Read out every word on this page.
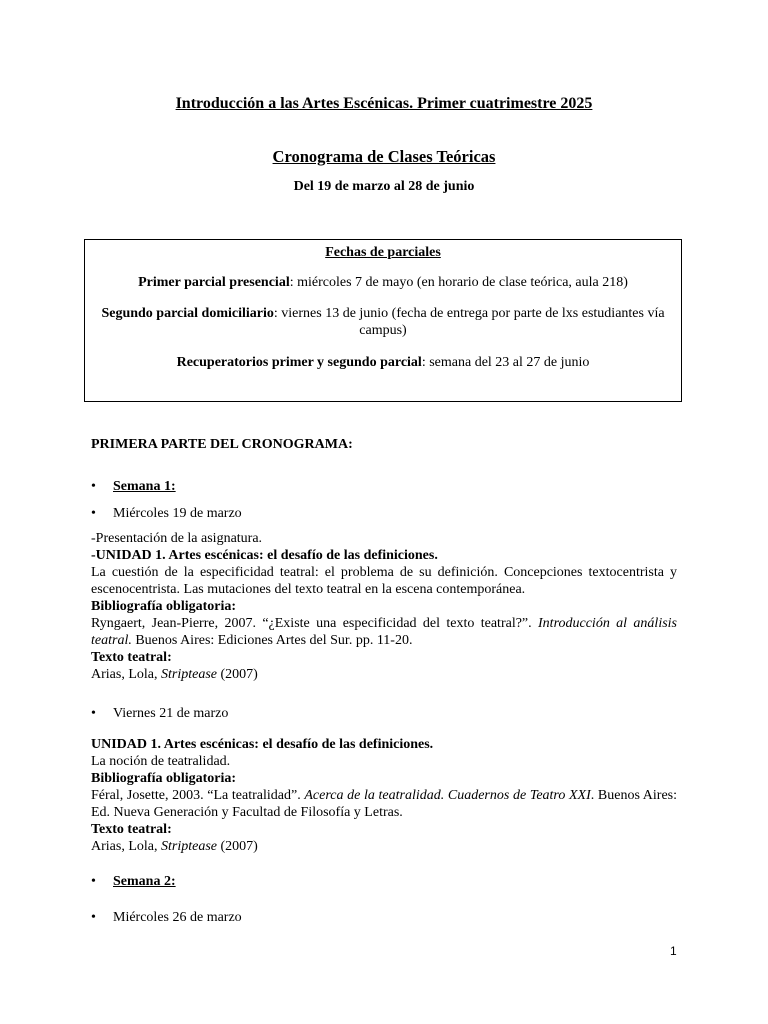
Introducción a las Artes Escénicas. Primer cuatrimestre 2025
Cronograma de Clases Teóricas
Del 19 de marzo al 28 de junio
Fechas de parciales
Primer parcial presencial: miércoles 7 de mayo (en horario de clase teórica, aula 218)
Segundo parcial domiciliario: viernes 13 de junio (fecha de entrega por parte de lxs estudiantes vía campus)
Recuperatorios primer y segundo parcial: semana del 23 al 27 de junio
PRIMERA PARTE DEL CRONOGRAMA:
• Semana 1:
• Miércoles 19 de marzo

-Presentación de la asignatura.

-UNIDAD 1. Artes escénicas: el desafío de las definiciones.

La cuestión de la especificidad teatral: el problema de su definición. Concepciones textocentrista y escenocentrista. Las mutaciones del texto teatral en la escena contemporánea.

Bibliografía obligatoria:

Ryngaert, Jean-Pierre, 2007. “¿Existe una especificidad del texto teatral?”. Introducción al análisis teatral. Buenos Aires: Ediciones Artes del Sur. pp. 11-20.

Texto teatral:

Arias, Lola, Striptease (2007)

• Viernes 21 de marzo

UNIDAD 1. Artes escénicas: el desafío de las definiciones.

La noción de teatralidad.

Bibliografía obligatoria:

Féral, Josette, 2003. “La teatralidad”. Acerca de la teatralidad. Cuadernos de Teatro XXI. Buenos Aires: Ed. Nueva Generación y Facultad de Filosofía y Letras.

Texto teatral:

Arias, Lola, Striptease (2007)

• Semana 2:
• Miércoles 26 de marzo
1
